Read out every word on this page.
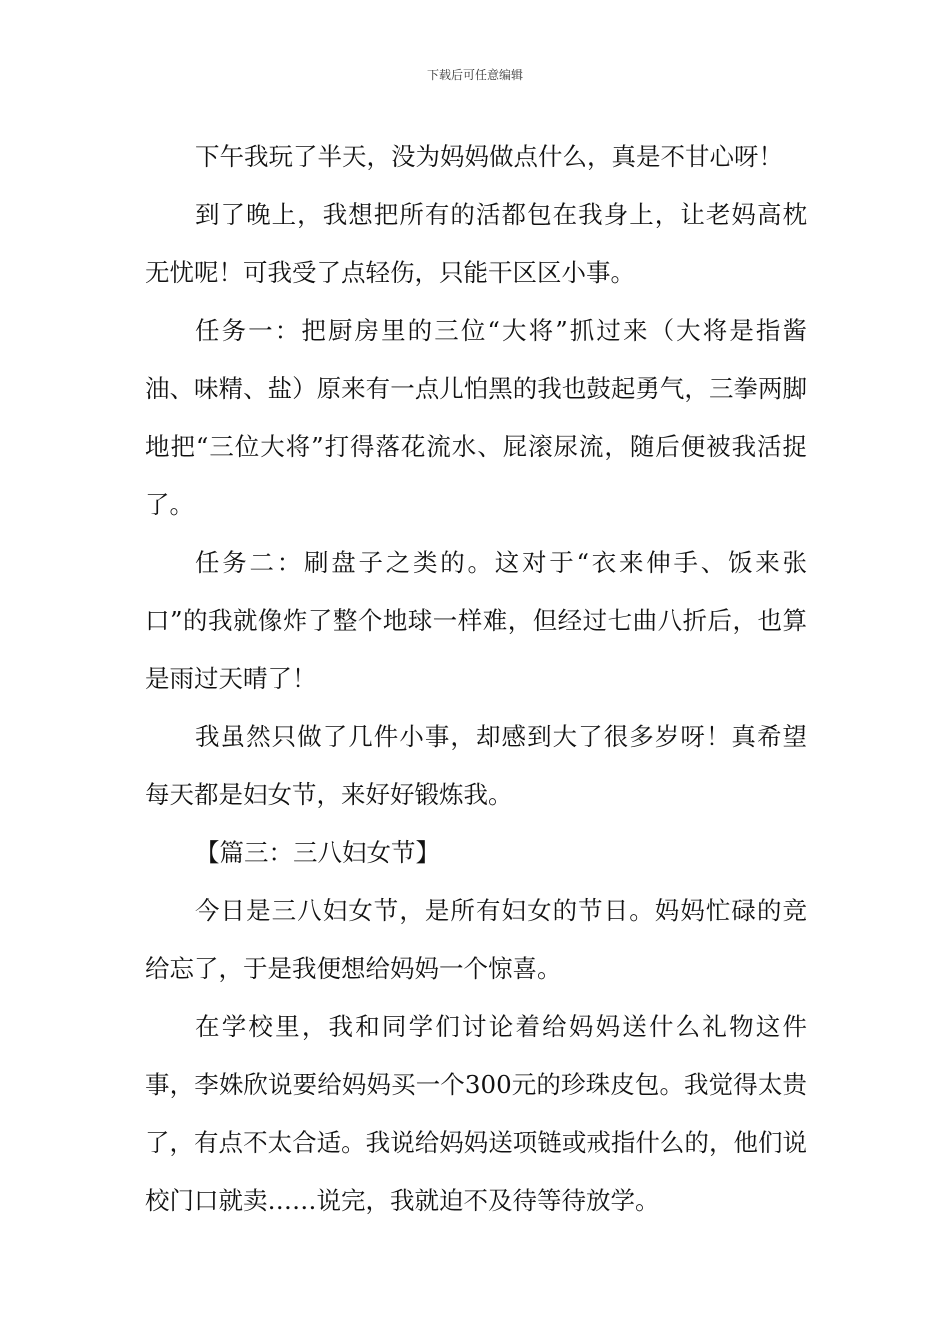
下载后可任意编辑

下午我玩了半天，没为妈妈做点什么，真是不甘心呀！

到了晚上，我想把所有的活都包在我身上，让老妈高枕无忧呢！可我受了点轻伤，只能干区区小事。

任务一：把厨房里的三位“大将”抓过来（大将是指酱油、味精、盐）原来有一点儿怕黑的我也鼓起勇气，三拳两脚地把“三位大将”打得落花流水、屁滚尿流，随后便被我活捉了。

任务二：刷盘子之类的。这对于“衣来伸手、饭来张口”的我就像炸了整个地球一样难，但经过七曲八折后，也算是雨过天晴了！

我虽然只做了几件小事，却感到大了很多岁呀！真希望每天都是妇女节，来好好锻炼我。

【篇三：三八妇女节】

今日是三八妇女节，是所有妇女的节日。妈妈忙碌的竞给忘了，于是我便想给妈妈一个惊喜。

在学校里，我和同学们讨论着给妈妈送什么礼物这件事，李姝欣说要给妈妈买一个300元的珍珠皮包。我觉得太贵了，有点不太合适。我说给妈妈送项链或戒指什么的，他们说校门口就卖……说完，我就迫不及待等待放学。
